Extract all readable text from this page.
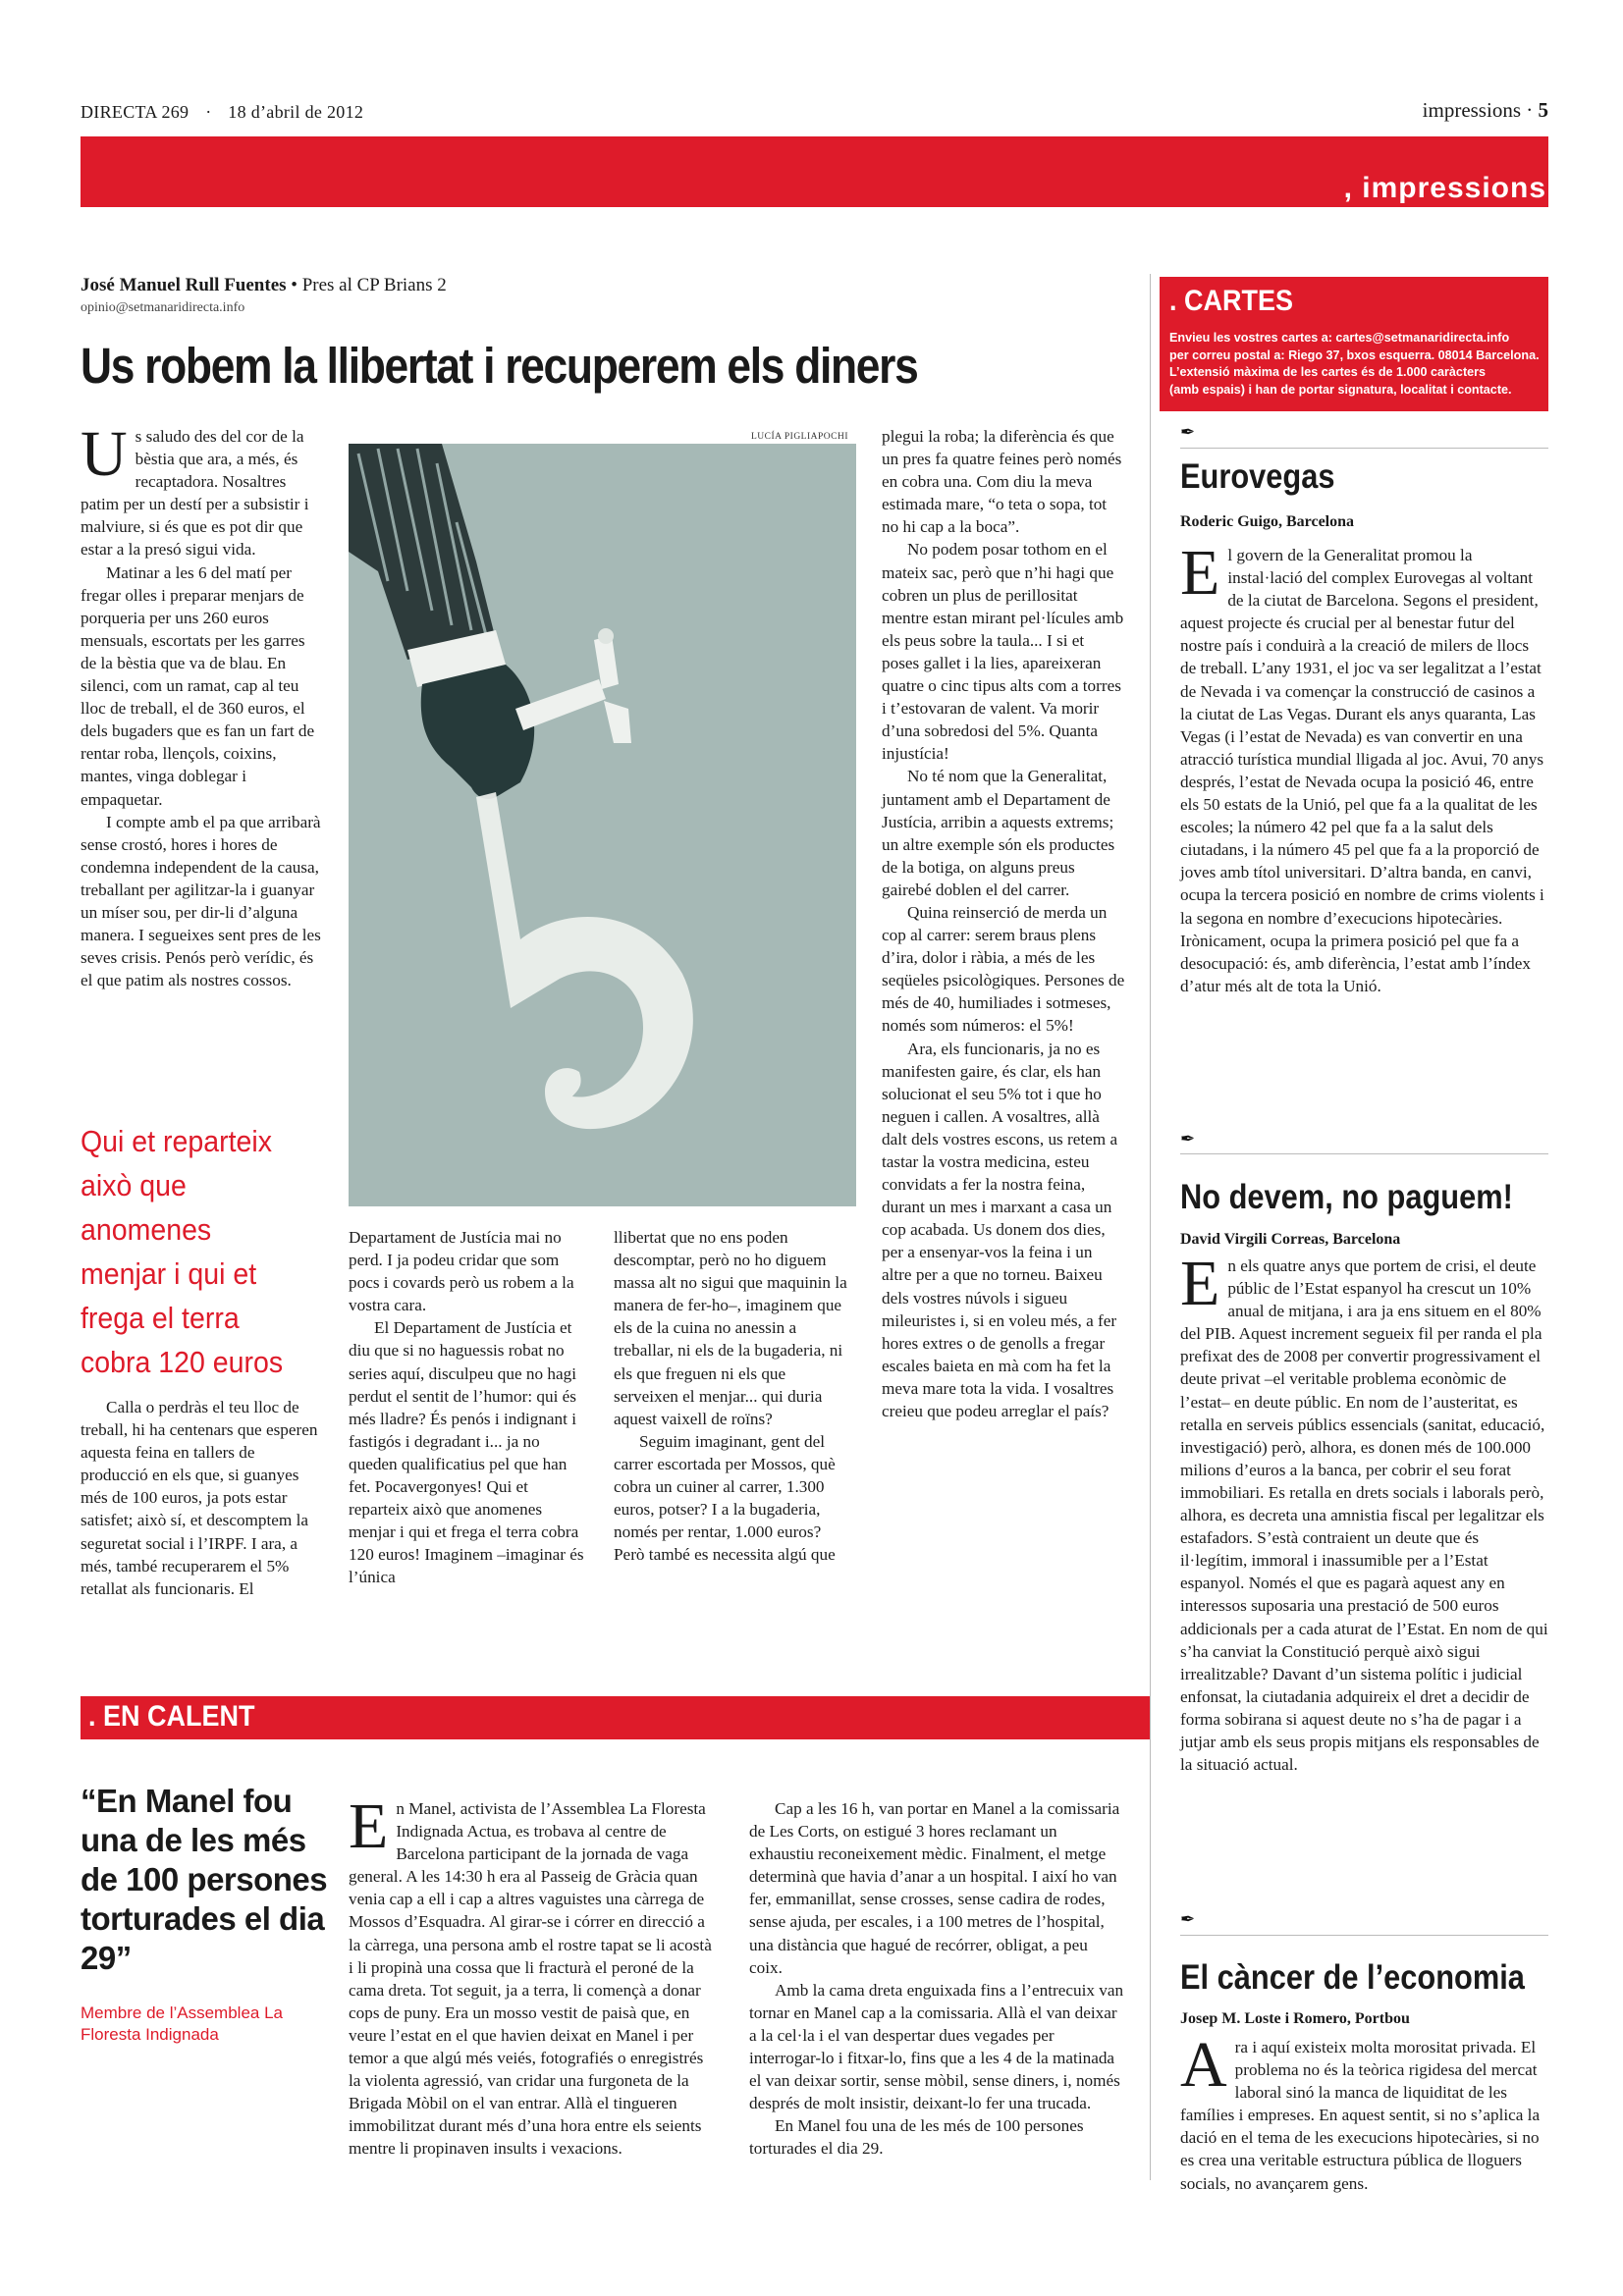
DIRECTA 269 · 18 d’abril de 2012	impressions · 5
, impressions
José Manuel Rull Fuentes • Pres al CP Brians 2
opinio@setmanaridirecta.info
Us robem la llibertat i recuperem els diners
LUCÍA PIGLIAPOCHI
U s saludo des del cor de la bèstia que ara, a més, és recaptadora. Nosaltres patim per un destí per a subsistir i malviure, si és que es pot dir que estar a la presó sigui vida.

Matinar a les 6 del matí per fregar olles i preparar menjars de porqueria per uns 260 euros mensuals, escortats per les garres de la bèstia que va de blau. En silenci, com un ramat, cap al teu lloc de treball, el de 360 euros, el dels bugaders que es fan un fart de rentar roba, llençols, coixins, mantes, vinga doblegar i empaquetar.

I compte amb el pa que arribarà sense crostó, hores i hores de condemna independent de la causa, treballant per agilitzar-la i guanyar un míser sou, per dir-li d’alguna manera. I segueixes sent pres de les seves crisis. Penós però verídic, és el que patim als nostres cossos.

Qui et reparteix això que anomenes menjar i qui et frega el terra cobra 120 euros

Calla o perdràs el teu lloc de treball, hi ha centenars que esperen aquesta feina en tallers de producció en els que, si guanyes més de 100 euros, ja pots estar satisfet; això sí, et descomptem la seguretat social i l’IRPF. I ara, a més, també recuperarem el 5% retallat als funcionaris. El

Departament de Justícia mai no perd. I ja podeu cridar que som pocs i covards però us robem a la vostra cara.

El Departament de Justícia et diu que si no haguessis robat no series aquí, disculpeu que no hagi perdut el sentit de l’humor: qui és més lladre? És penós i indignant i fastigós i degradant i... ja no queden qualificatius pel que han fet. Pocavergonyes! Qui et reparteix això que anomenes menjar i qui et frega el terra cobra 120 euros! Imaginem –imaginar és l’única

llibertat que no ens poden descomptar, però no ho diguem massa alt no sigui que maquinin la manera de fer-ho–, imaginem que els de la cuina no anessin a treballar, ni els de la bugaderia, ni els que freguen ni els que serveixen el menjar... qui duria aquest vaixell de roïns?

Seguim imaginant, gent del carrer escortada per Mossos, què cobra un cuiner al carrer, 1.300 euros, potser? I a la bugaderia, només per rentar, 1.000 euros? Però també es necessita algú que

plegui la roba; la diferència és que un pres fa quatre feines però només en cobra una. Com diu la meva estimada mare, “o teta o sopa, tot no hi cap a la boca”.

No podem posar tothom en el mateix sac, però que n’hi hagi que cobren un plus de perillositat mentre estan mirant pel·lícules amb els peus sobre la taula... I si et poses gallet i la lies, apareixeran quatre o cinc tipus alts com a torres i t’estovaran de valent. Va morir d’una sobredosi del 5%. Quanta injustícia!

No té nom que la Generalitat, juntament amb el Departament de Justícia, arribin a aquests extrems; un altre exemple són els productes de la botiga, on alguns preus gairebé doblen el del carrer.

Quina reinserció de merda un cop al carrer: serem braus plens d’ira, dolor i ràbia, a més de les seqüeles psicològiques. Persones de més de 40, humiliades i sotmeses, només som números: el 5%!

Ara, els funcionaris, ja no es manifesten gaire, és clar, els han solucionat el seu 5% tot i que ho neguen i callen. A vosaltres, allà dalt dels vostres escons, us retem a tastar la vostra medicina, esteu convidats a fer la nostra feina, durant un mes i marxant a casa un cop acabada. Us donem dos dies, per a ensenyar-vos la feina i un altre per a que no torneu. Baixeu dels vostres núvols i sigueu mileuristes i, si en voleu més, a fer hores extres o de genolls a fregar escales baieta en mà com ha fet la meva mare tota la vida. I vosaltres creieu que podeu arreglar el país?

. CARTES
Envieu les vostres cartes a: cartes@setmanaridirecta.info
per correu postal a: Riego 37, bxos esquerra. 08014 Barcelona.
L’extensió màxima de les cartes és de 1.000 caràcters
(amb espais) i han de portar signatura, localitat i contacte.
✒
Eurovegas
Roderic Guigo, Barcelona
E l govern de la Generalitat promou la instal·lació del complex Eurovegas al voltant de la ciutat de Barcelona. Segons el president, aquest projecte és crucial per al benestar futur del nostre país i conduirà a la creació de milers de llocs de treball. L’any 1931, el joc va ser legalitzat a l’estat de Nevada i va començar la construcció de casinos a la ciutat de Las Vegas. Durant els anys quaranta, Las Vegas (i l’estat de Nevada) es van convertir en una atracció turística mundial lligada al joc. Avui, 70 anys després, l’estat de Nevada ocupa la posició 46, entre els 50 estats de la Unió, pel que fa a la qualitat de les escoles; la número 42 pel que fa a la salut dels ciutadans, i la número 45 pel que fa a la proporció de joves amb títol universitari. D’altra banda, en canvi, ocupa la tercera posició en nombre de crims violents i la segona en nombre d’execucions hipotecàries. Irònicament, ocupa la primera posició pel que fa a desocupació: és, amb diferència, l’estat amb l’índex d’atur més alt de tota la Unió.

✒
No devem, no paguem!
David Virgili Correas, Barcelona
E n els quatre anys que portem de crisi, el deute públic de l’Estat espanyol ha crescut un 10% anual de mitjana, i ara ja ens situem en el 80% del PIB. Aquest increment segueix fil per randa el pla prefixat des de 2008 per convertir progressivament el deute privat –el veritable problema econòmic de l’estat– en deute públic. En nom de l’austeritat, es retalla en serveis públics essencials (sanitat, educació, investigació) però, alhora, es donen més de 100.000 milions d’euros a la banca, per cobrir el seu forat immobiliari. Es retalla en drets socials i laborals però, alhora, es decreta una amnistia fiscal per legalitzar els estafadors. S’està contraient un deute que és il·legítim, immoral i inassumible per a l’Estat espanyol. Només el que es pagarà aquest any en interessos suposaria una prestació de 500 euros addicionals per a cada aturat de l’Estat. En nom de qui s’ha canviat la Constitució perquè això sigui irrealitzable? Davant d’un sistema polític i judicial enfonsat, la ciutadania adquireix el dret a decidir de forma sobirana si aquest deute no s’ha de pagar i a jutjar amb els seus propis mitjans els responsables de la situació actual.

✒
El càncer de l’economia
Josep M. Loste i Romero, Portbou
A ra i aquí existeix molta morositat privada. El problema no és la teòrica rigidesa del mercat laboral sinó la manca de liquiditat de les famílies i empreses. En aquest sentit, si no s’aplica la dació en el tema de les execucions hipotecàries, si no es crea una veritable estructura pública de lloguers socials, no avançarem gens.

. EN CALENT
“En Manel fou una de les més de 100 persones torturades el dia 29”
Membre de l’Assemblea La Floresta Indignada
E n Manel, activista de l’Assemblea La Floresta Indignada Actua, es trobava al centre de Barcelona participant de la jornada de vaga general. A les 14:30 h era al Passeig de Gràcia quan venia cap a ell i cap a altres vaguistes una càrrega de Mossos d’Esquadra. Al girar-se i córrer en direcció a la càrrega, una persona amb el rostre tapat se li acostà i li propinà una cossa que li fracturà el peroné de la cama dreta. Tot seguit, ja a terra, li començà a donar cops de puny. Era un mosso vestit de paisà que, en veure l’estat en el que havien deixat en Manel i per temor a que algú més veiés, fotografiés o enregistrés la violenta agressió, van cridar una furgoneta de la Brigada Mòbil on el van entrar. Allà el tingueren immobilitzat durant més d’una hora entre els seients mentre li propinaven insults i vexacions.

Cap a les 16 h, van portar en Manel a la comissaria de Les Corts, on estigué 3 hores reclamant un exhaustiu reconeixement mèdic. Finalment, el metge determinà que havia d’anar a un hospital. I així ho van fer, emmanillat, sense crosses, sense cadira de rodes, sense ajuda, per escales, i a 100 metres de l’hospital, una distància que hagué de recórrer, obligat, a peu coix.

Amb la cama dreta enguixada fins a l’entrecuix van tornar en Manel cap a la comissaria. Allà el van deixar a la cel·la i el van despertar dues vegades per interrogar-lo i fitxar-lo, fins que a les 4 de la matinada el van deixar sortir, sense mòbil, sense diners, i, només després de molt insistir, deixant-lo fer una trucada.

En Manel fou una de les més de 100 persones torturades el dia 29.
